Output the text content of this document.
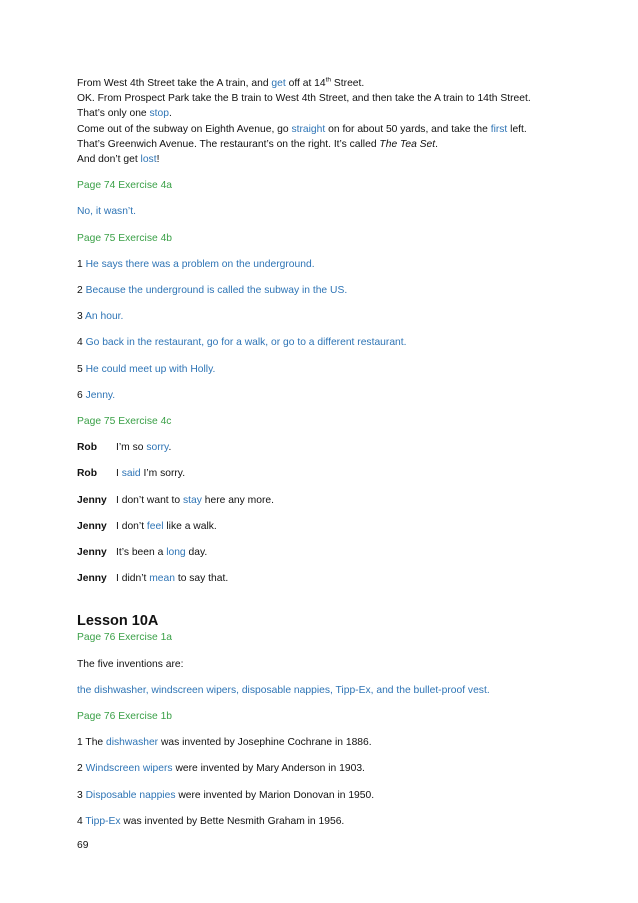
From West 4th Street take the A train, and get off at 14th Street.
OK. From Prospect Park take the B train to West 4th Street, and then take the A train to 14th Street.
That’s only one stop.
Come out of the subway on Eighth Avenue, go straight on for about 50 yards, and take the first left.
That’s Greenwich Avenue. The restaurant’s on the right. It’s called The Tea Set.
And don’t get lost!
Page 74 Exercise 4a
No, it wasn’t.
Page 75 Exercise 4b
1 He says there was a problem on the underground.
2 Because the underground is called the subway in the US.
3 An hour.
4 Go back in the restaurant, go for a walk, or go to a different restaurant.
5 He could meet up with Holly.
6 Jenny.
Page 75 Exercise 4c
Rob	I’m so sorry.
Rob	I said I’m sorry.
Jenny I don’t want to stay here any more.
Jenny I don’t feel like a walk.
Jenny It’s been a long day.
Jenny I didn’t mean to say that.
Lesson 10A
Page 76 Exercise 1a
The five inventions are:
the dishwasher, windscreen wipers, disposable nappies, Tipp-Ex, and the bullet-proof vest.
Page 76 Exercise 1b
1 The dishwasher was invented by Josephine Cochrane in 1886.
2 Windscreen wipers were invented by Mary Anderson in 1903.
3 Disposable nappies were invented by Marion Donovan in 1950.
4 Tipp-Ex was invented by Bette Nesmith Graham in 1956.
69
